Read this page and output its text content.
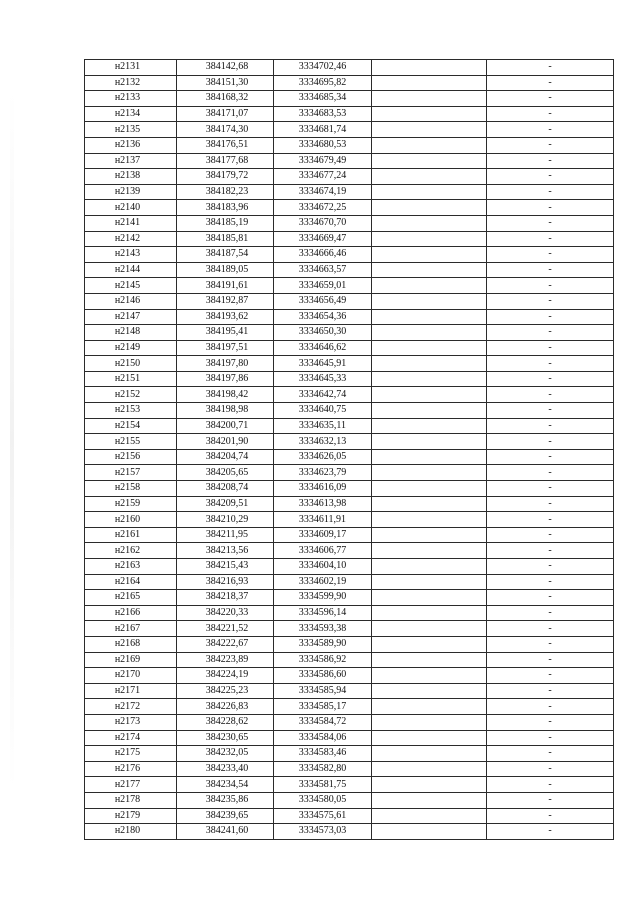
н2131	384142,68	3334702,46		-
н2132	384151,30	3334695,82		-
н2133	384168,32	3334685,34		-
н2134	384171,07	3334683,53		-
н2135	384174,30	3334681,74		-
н2136	384176,51	3334680,53		-
н2137	384177,68	3334679,49		-
н2138	384179,72	3334677,24		-
н2139	384182,23	3334674,19		-
н2140	384183,96	3334672,25		-
н2141	384185,19	3334670,70		-
н2142	384185,81	3334669,47		-
н2143	384187,54	3334666,46		-
н2144	384189,05	3334663,57		-
н2145	384191,61	3334659,01		-
н2146	384192,87	3334656,49		-
н2147	384193,62	3334654,36		-
н2148	384195,41	3334650,30		-
н2149	384197,51	3334646,62		-
н2150	384197,80	3334645,91		-
н2151	384197,86	3334645,33		-
н2152	384198,42	3334642,74		-
н2153	384198,98	3334640,75		-
н2154	384200,71	3334635,11		-
н2155	384201,90	3334632,13		-
н2156	384204,74	3334626,05		-
н2157	384205,65	3334623,79		-
н2158	384208,74	3334616,09		-
н2159	384209,51	3334613,98		-
н2160	384210,29	3334611,91		-
н2161	384211,95	3334609,17		-
н2162	384213,56	3334606,77		-
н2163	384215,43	3334604,10		-
н2164	384216,93	3334602,19		-
н2165	384218,37	3334599,90		-
н2166	384220,33	3334596,14		-
н2167	384221,52	3334593,38		-
н2168	384222,67	3334589,90		-
н2169	384223,89	3334586,92		-
н2170	384224,19	3334586,60		-
н2171	384225,23	3334585,94		-
н2172	384226,83	3334585,17		-
н2173	384228,62	3334584,72		-
н2174	384230,65	3334584,06		-
н2175	384232,05	3334583,46		-
н2176	384233,40	3334582,80		-
н2177	384234,54	3334581,75		-
н2178	384235,86	3334580,05		-
н2179	384239,65	3334575,61		-
н2180	384241,60	3334573,03		-
